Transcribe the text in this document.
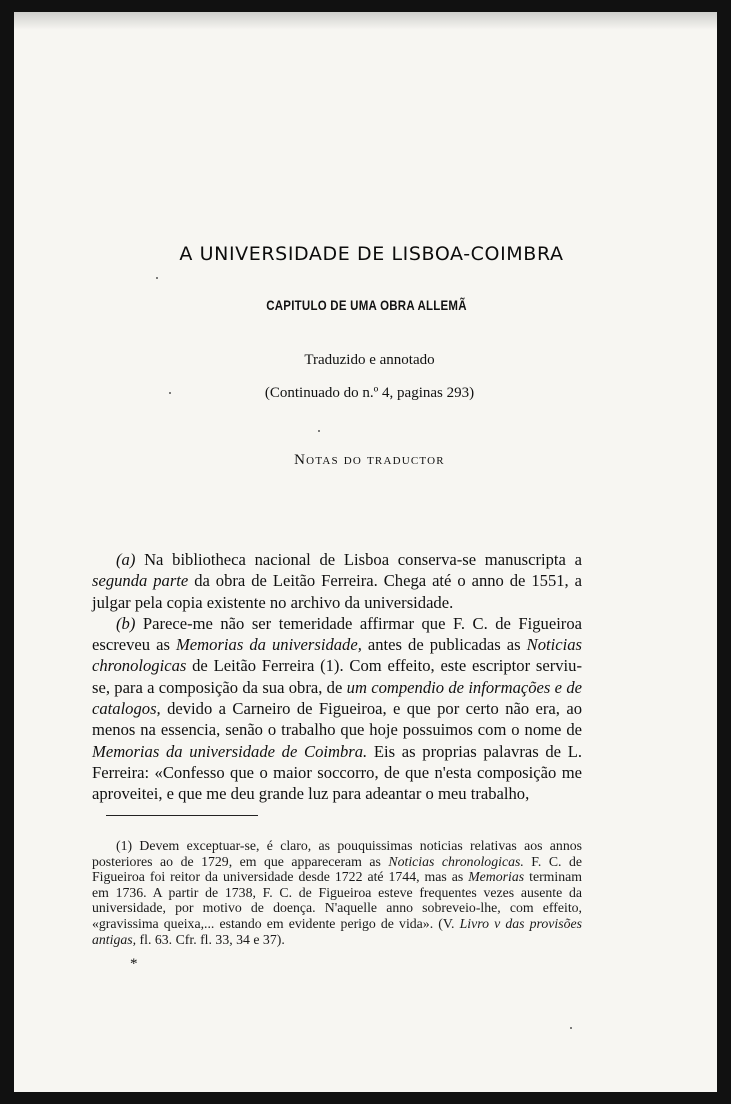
A UNIVERSIDADE DE LISBOA-COIMBRA
CAPITULO DE UMA OBRA ALLEMÃ
Traduzido e annotado
(Continuado do n.º 4, paginas 293)
Notas do traductor

(a) Na bibliotheca nacional de Lisboa conserva-se manuscripta a segunda parte da obra de Leitão Ferreira. Chega até o anno de 1551, a julgar pela copia existente no archivo da universidade.

(b) Parece-me não ser temeridade affirmar que F. C. de Figueiroa escreveu as Memorias da universidade, antes de publicadas as Noticias chronologicas de Leitão Ferreira (1). Com effeito, este escriptor serviu-se, para a composição da sua obra, de um compendio de informações e de catalogos, devido a Carneiro de Figueiroa, e que por certo não era, ao menos na essencia, senão o trabalho que hoje possuimos com o nome de Memorias da universidade de Coimbra. Eis as proprias palavras de L. Ferreira: «Confesso que o maior soccorro, de que n'esta composição me aproveitei, e que me deu grande luz para adeantar o meu trabalho,

(1) Devem exceptuar-se, é claro, as pouquissimas noticias relativas aos annos posteriores ao de 1729, em que appareceram as Noticias chronologicas. F. C. de Figueiroa foi reitor da universidade desde 1722 até 1744, mas as Memorias terminam em 1736. A partir de 1738, F. C. de Figueiroa esteve frequentes vezes ausente da universidade, por motivo de doença. N'aquelle anno sobreveio-lhe, com effeito, «gravissima queixa,... estando em evidente perigo de vida». (V. Livro v das provisões antigas, fl. 63. Cfr. fl. 33, 34 e 37).

*
